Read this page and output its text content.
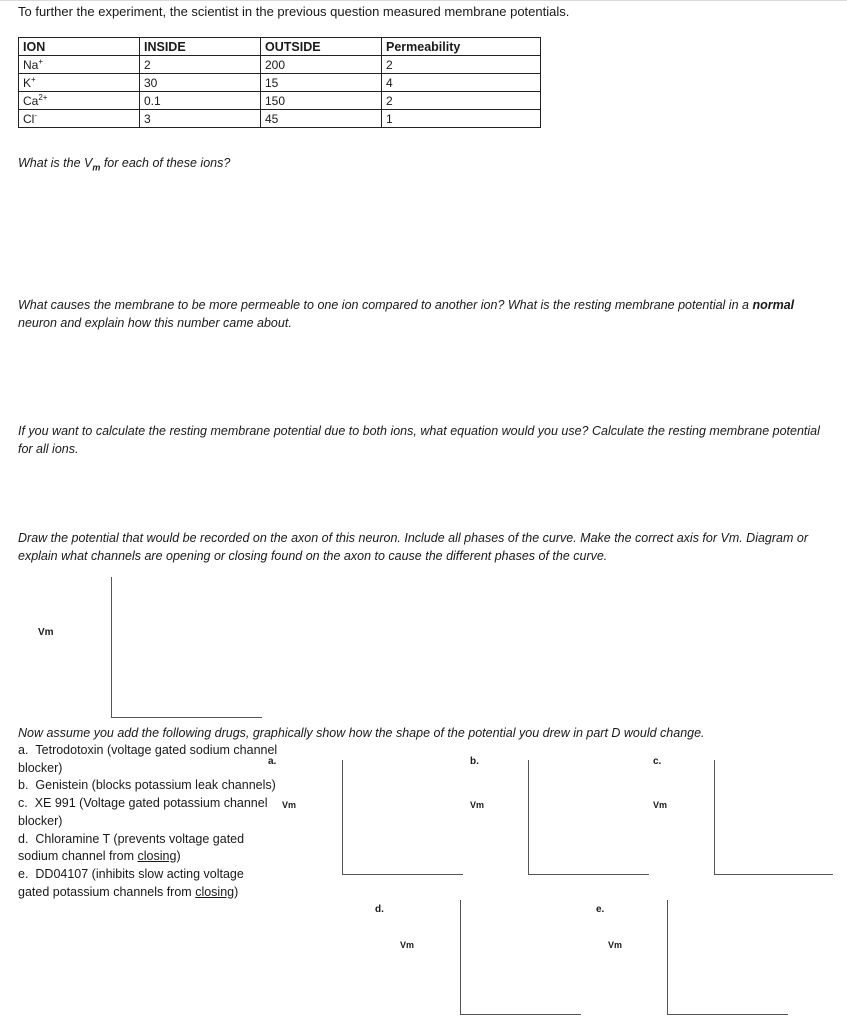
To further the experiment, the scientist in the previous question measured membrane potentials.
ION	INSIDE	OUTSIDE	Permeability
Na+	2	200	2
K+	30	15	4
$Ca^{2+}$	0.1	150	2
Cl-	3	45	1
What is the $V_m$ for each of these ions?
What causes the membrane to be more permeable to one ion compared to another ion? What is the resting membrane potential in a normal neuron and explain how this number came about.
If you want to calculate the resting membrane potential due to both ions, what equation would you use? Calculate the resting membrane potential for all ions.
Draw the potential that would be recorded on the axon of this neuron. Include all phases of the curve. Make the correct axis for Vm. Diagram or explain what channels are opening or closing found on the axon to cause the different phases of the curve.
Vm
Now assume you add the following drugs, graphically show how the shape of the potential you drew in part D would change.
a. Tetrodotoxin (voltage gated sodium channel blocker)
b. Genistein (blocks potassium leak channels)
c. XE 991 (Voltage gated potassium channel blocker)
d. Chloramine T (prevents voltage gated sodium channel from closing)
e. DD04107 (inhibits slow acting voltage gated potassium channels from closing)
a.
Vm
b.
Vm
c.
Vm
d.
Vm
e.
Vm
